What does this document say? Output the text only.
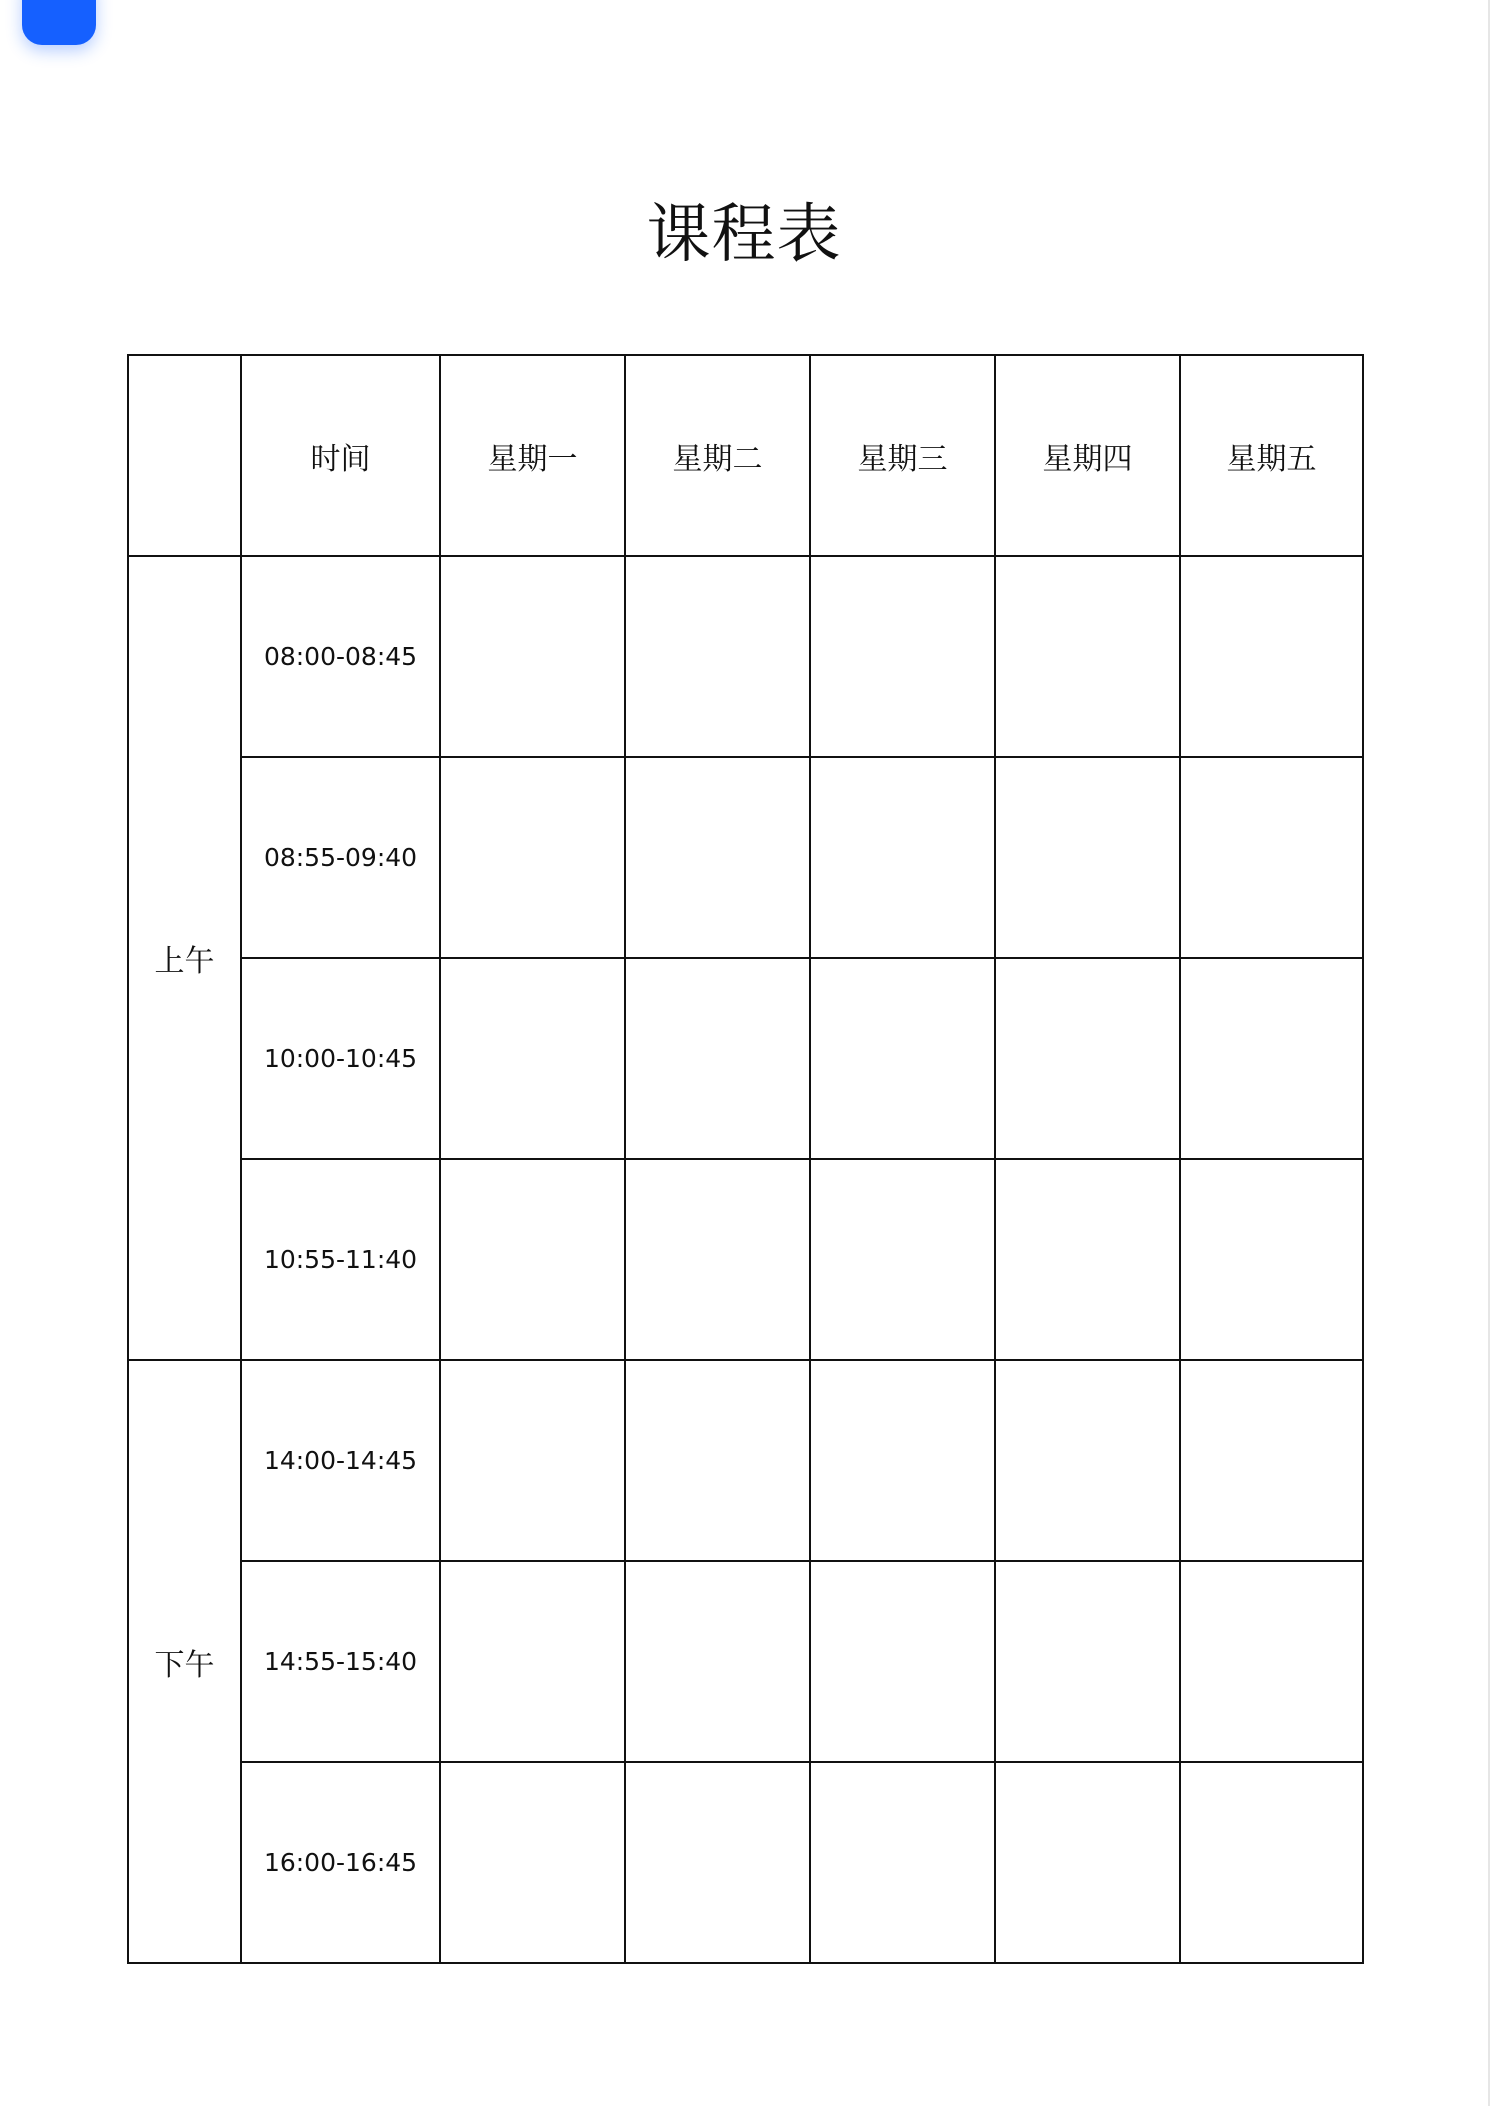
课程表
	时间	星期一	星期二	星期三	星期四	星期五
上午	08:00-08:45					
	08:55-09:40					
	10:00-10:45					
	10:55-11:40					
下午	14:00-14:45					
	14:55-15:40					
	16:00-16:45					
